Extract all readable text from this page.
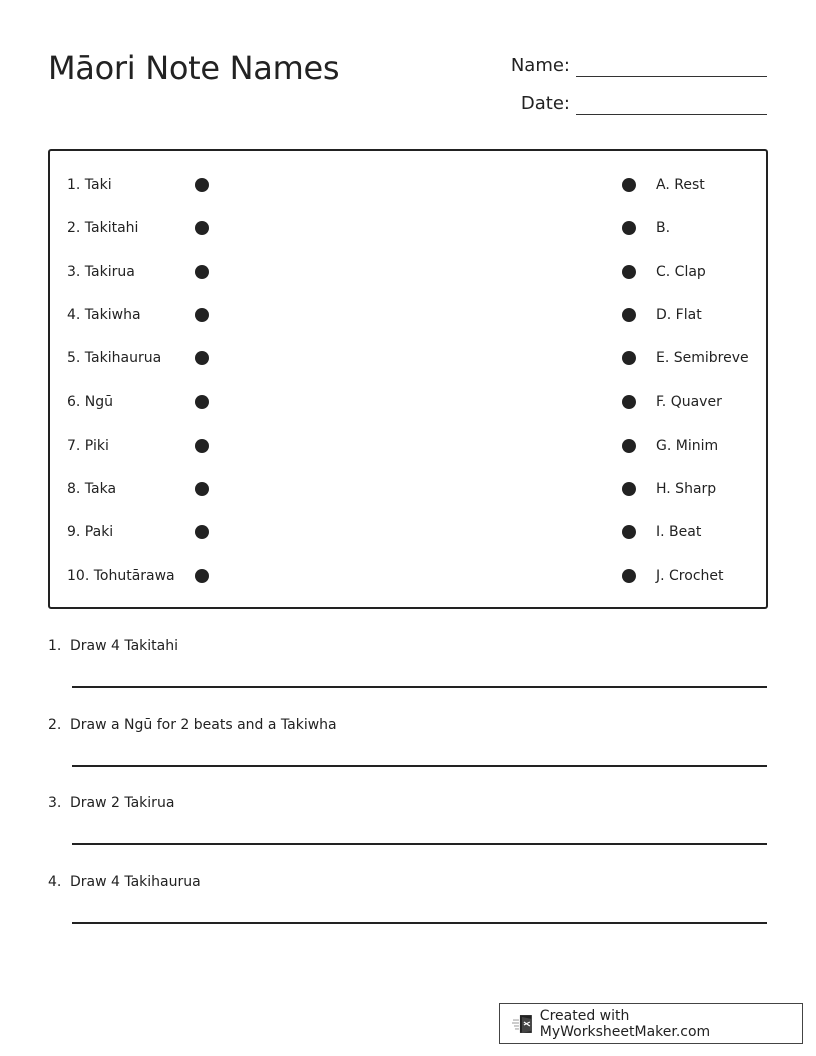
Māori Note Names	Name:
Date:
1. Taki
2. Takitahi
3. Takirua
4. Takiwha
5. Takihaurua
6. Ngū
7. Piki
8. Taka
9. Paki
10. Tohutārawa
A. Rest
B.
C. Clap
D. Flat
E. Semibreve
F. Quaver
G. Minim
H. Sharp
I. Beat
J. Crochet
1. Draw 4 Takitahi
2. Draw a Ngū for 2 beats and a Takiwha
3. Draw 2 Takirua
4. Draw 4 Takihaurua
Created with MyWorksheetMaker.com
